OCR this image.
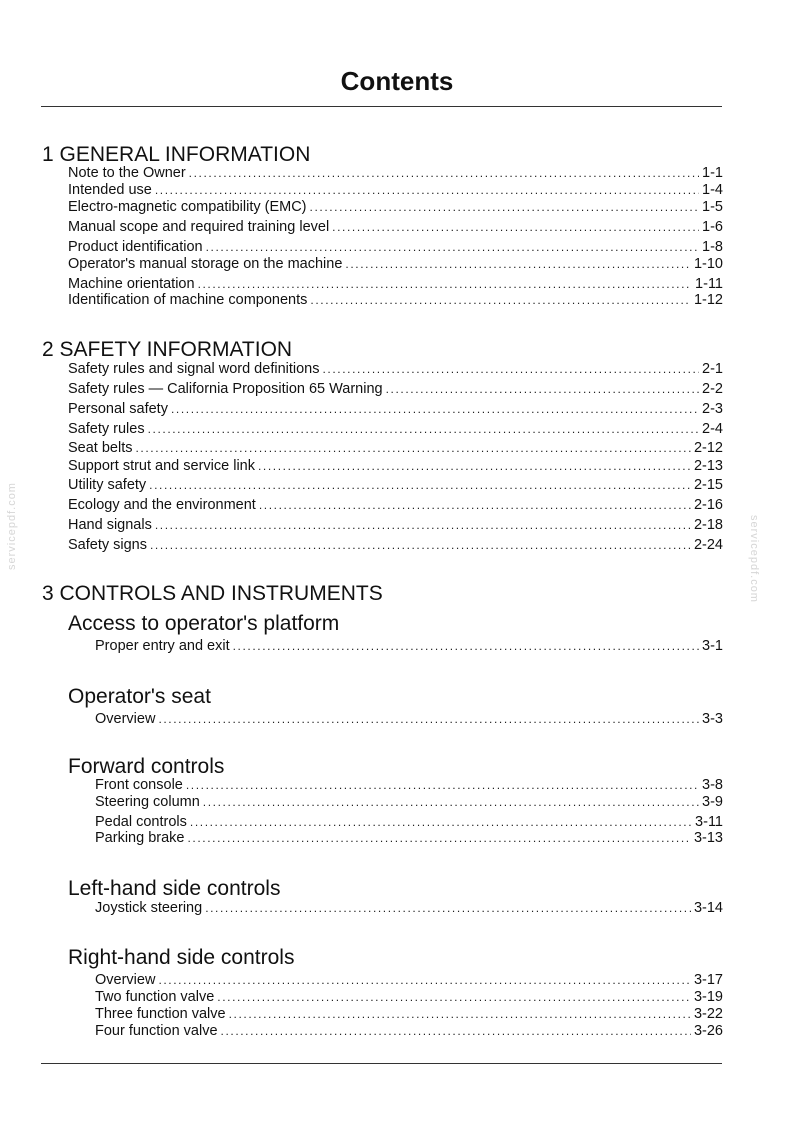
Contents
1 GENERAL INFORMATION
Note to the Owner .....	1-1
Intended use .....	1-4
Electro-magnetic compatibility (EMC) .....	1-5
Manual scope and required training level .....	1-6
Product identification .....	1-8
Operator's manual storage on the machine .....	1-10
Machine orientation .....	1-11
Identification of machine components .....	1-12
2 SAFETY INFORMATION
Safety rules and signal word definitions .....	2-1
Safety rules — California Proposition 65 Warning .....	2-2
Personal safety .....	2-3
Safety rules .....	2-4
Seat belts .....	2-12
Support strut and service link .....	2-13
Utility safety .....	2-15
Ecology and the environment .....	2-16
Hand signals .....	2-18
Safety signs .....	2-24
3 CONTROLS AND INSTRUMENTS
Access to operator's platform
Proper entry and exit .....	3-1
Operator's seat
Overview .....	3-3
Forward controls
Front console .....	3-8
Steering column .....	3-9
Pedal controls .....	3-11
Parking brake .....	3-13
Left-hand side controls
Joystick steering .....	3-14
Right-hand side controls
Overview .....	3-17
Two function valve .....	3-19
Three function valve .....	3-22
Four function valve .....	3-26
servicepdf.com	servicepdf.com
